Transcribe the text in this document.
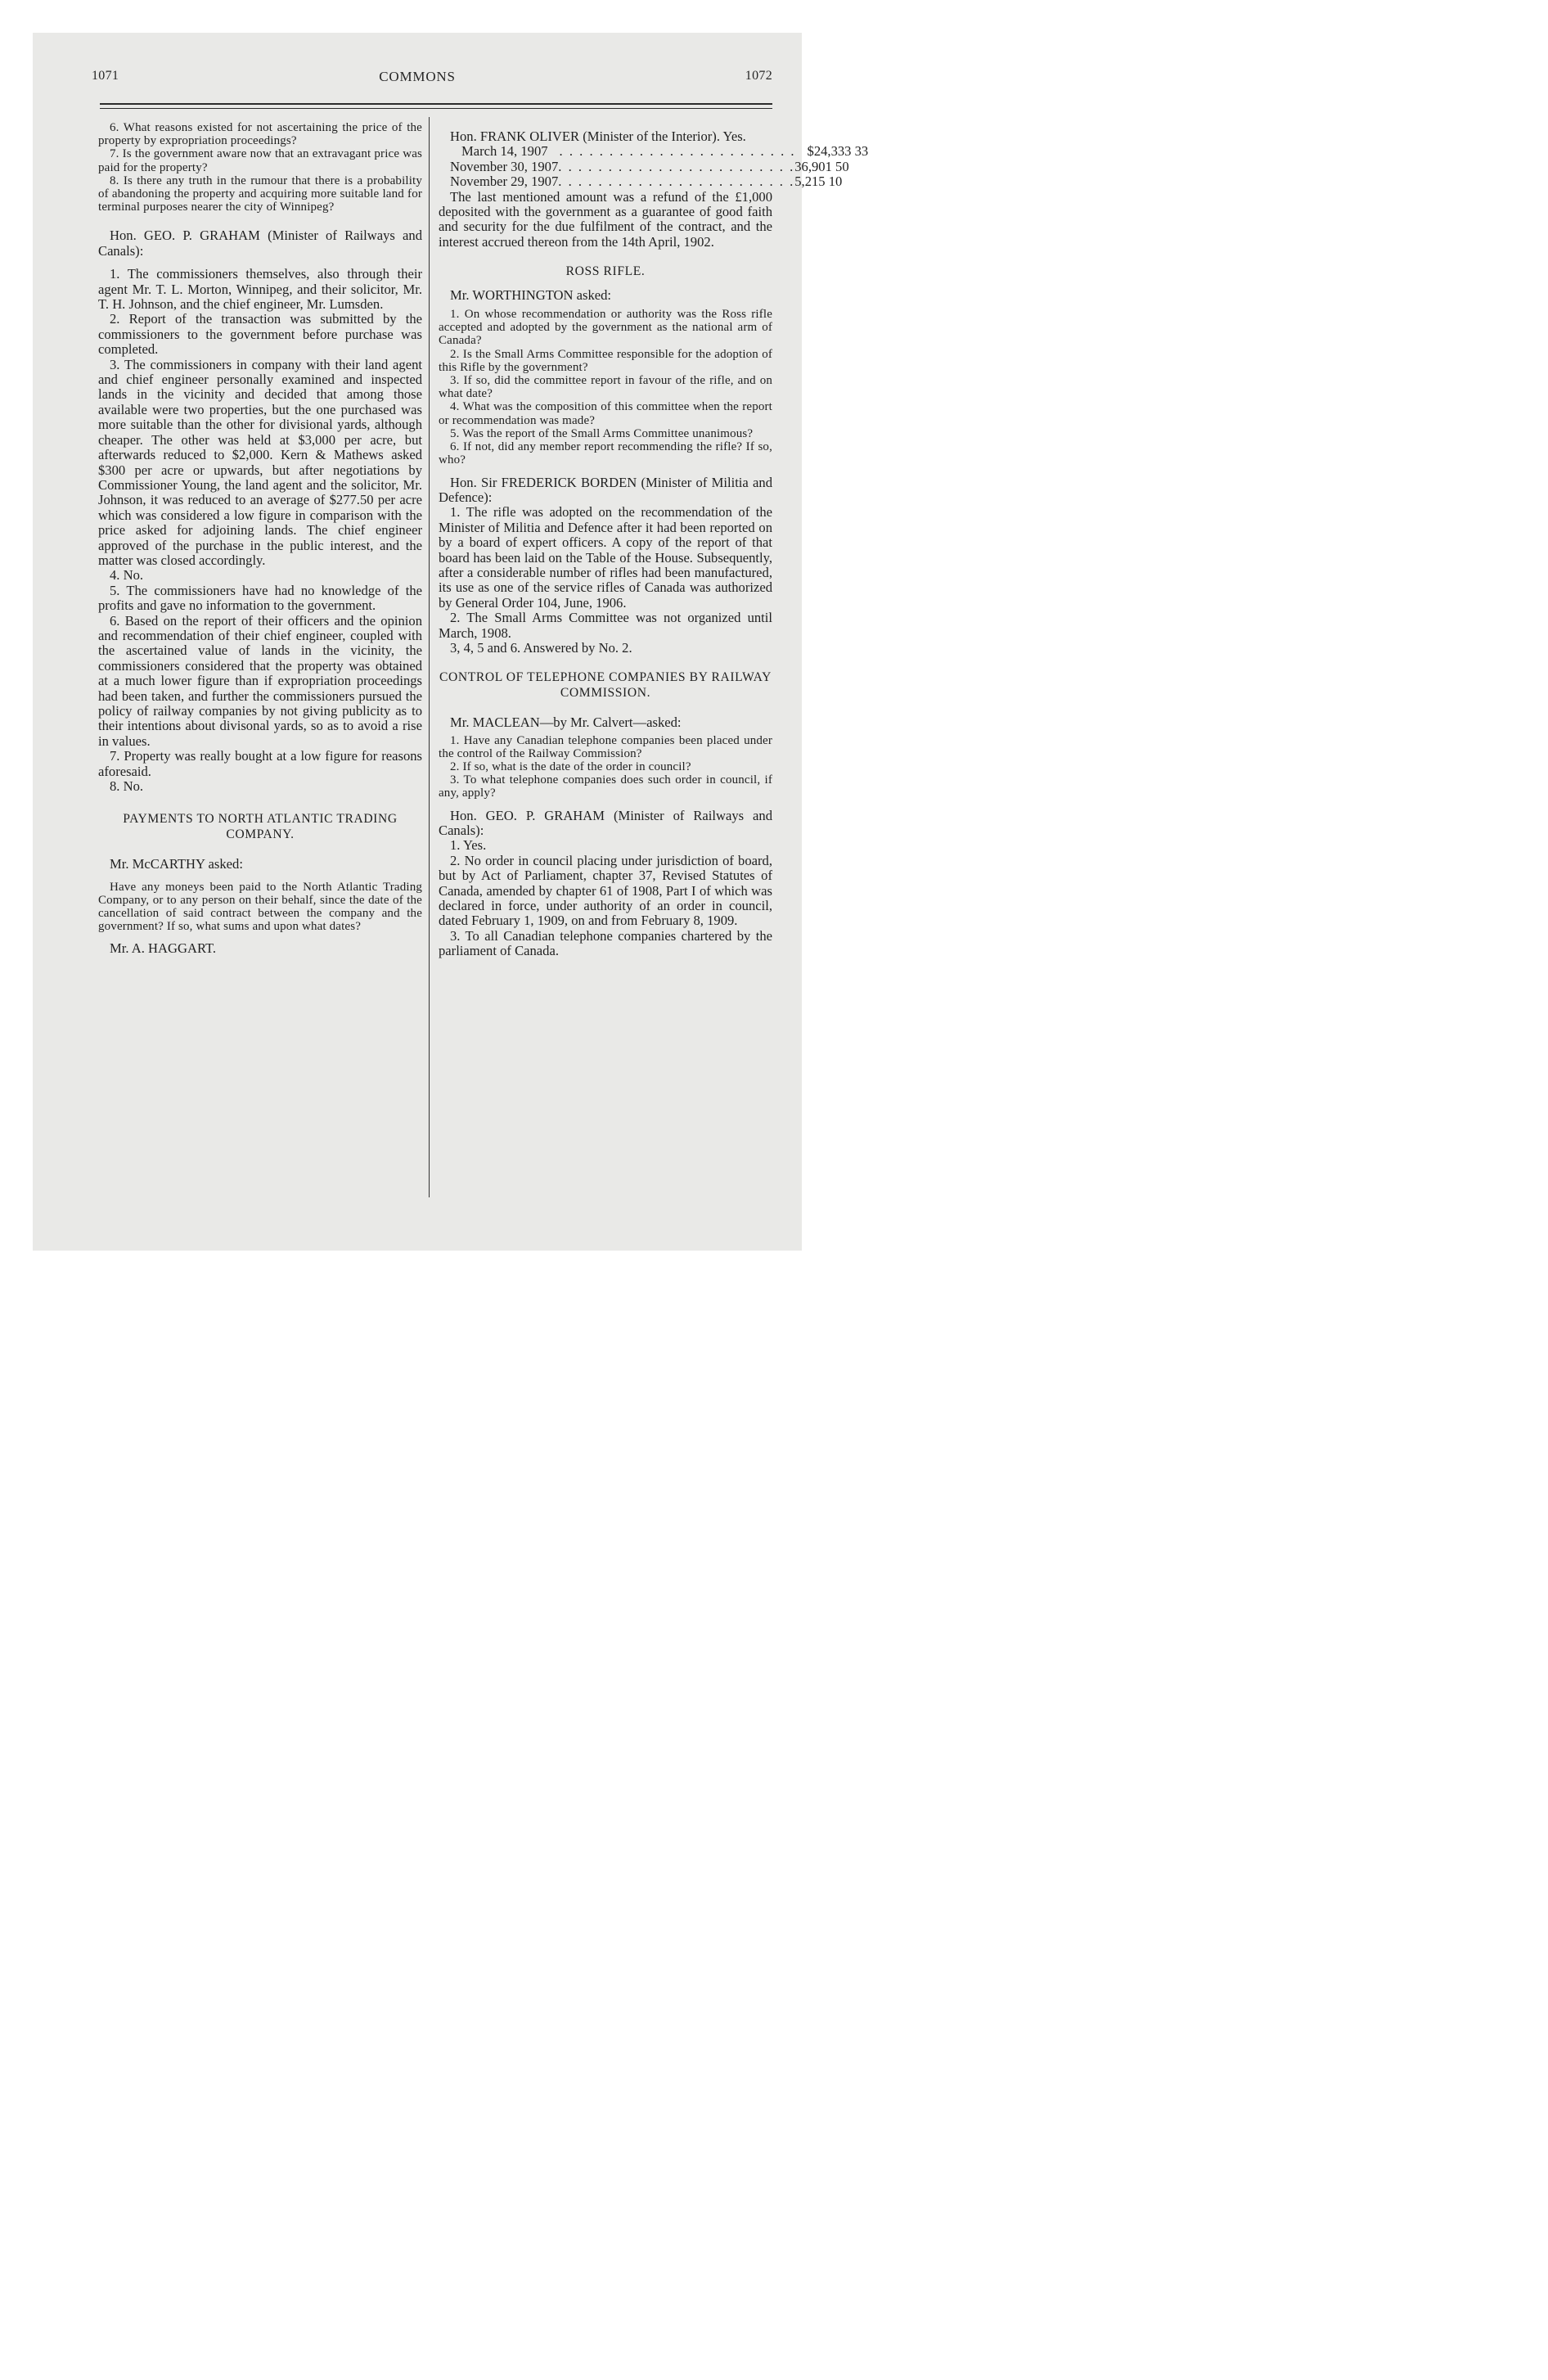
1071	COMMONS	1072

6. What reasons existed for not ascertaining the price of the property by expropriation proceedings?

7. Is the government aware now that an extravagant price was paid for the property?

8. Is there any truth in the rumour that there is a probability of abandoning the property and acquiring more suitable land for terminal purposes nearer the city of Winnipeg?

Hon. GEO. P. GRAHAM (Minister of Railways and Canals):

1. The commissioners themselves, also through their agent Mr. T. L. Morton, Winnipeg, and their solicitor, Mr. T. H. Johnson, and the chief engineer, Mr. Lumsden.

2. Report of the transaction was submitted by the commissioners to the government before purchase was completed.

3. The commissioners in company with their land agent and chief engineer personally examined and inspected lands in the vicinity and decided that among those available were two properties, but the one purchased was more suitable than the other for divisional yards, although cheaper. The other was held at $3,000 per acre, but afterwards reduced to $2,000. Kern & Mathews asked $300 per acre or upwards, but after negotiations by Commissioner Young, the land agent and the solicitor, Mr. Johnson, it was reduced to an average of $277.50 per acre which was considered a low figure in comparison with the price asked for adjoining lands. The chief engineer approved of the purchase in the public interest, and the matter was closed accordingly.

4. No.

5. The commissioners have had no knowledge of the profits and gave no information to the government.

6. Based on the report of their officers and the opinion and recommendation of their chief engineer, coupled with the ascertained value of lands in the vicinity, the commissioners considered that the property was obtained at a much lower figure than if expropriation proceedings had been taken, and further the commissioners pursued the policy of railway companies by not giving publicity as to their intentions about divisonal yards, so as to avoid a rise in values.

7. Property was really bought at a low figure for reasons aforesaid.

8. No.

PAYMENTS TO NORTH ATLANTIC TRADING COMPANY.

Mr. McCARTHY asked:

Have any moneys been paid to the North Atlantic Trading Company, or to any person on their behalf, since the date of the cancellation of said contract between the company and the government? If so, what sums and upon what dates?

Mr. A. HAGGART.

Hon. FRANK OLIVER (Minister of the Interior). Yes.

March 14, 1907 . . . . . . . . . . . . . . . . . . . . . . . . $24,333 33
November 30, 1907 . . . . . . . . . . . . . . . . . . . . . . . . 36,901 50
November 29, 1907 . . . . . . . . . . . . . . . . . . . . . . . . 5,215 10

The last mentioned amount was a refund of the £1,000 deposited with the government as a guarantee of good faith and security for the due fulfilment of the contract, and the interest accrued thereon from the 14th April, 1902.

ROSS RIFLE.

Mr. WORTHINGTON asked:

1. On whose recommendation or authority was the Ross rifle accepted and adopted by the government as the national arm of Canada?

2. Is the Small Arms Committee responsible for the adoption of this Rifle by the government?

3. If so, did the committee report in favour of the rifle, and on what date?

4. What was the composition of this committee when the report or recommendation was made?

5. Was the report of the Small Arms Committee unanimous?

6. If not, did any member report recommending the rifle? If so, who?

Hon. Sir FREDERICK BORDEN (Minister of Militia and Defence):

1. The rifle was adopted on the recommendation of the Minister of Militia and Defence after it had been reported on by a board of expert officers. A copy of the report of that board has been laid on the Table of the House. Subsequently, after a considerable number of rifles had been manufactured, its use as one of the service rifles of Canada was authorized by General Order 104, June, 1906.

2. The Small Arms Committee was not organized until March, 1908.

3, 4, 5 and 6. Answered by No. 2.

CONTROL OF TELEPHONE COMPANIES BY RAILWAY COMMISSION.

Mr. MACLEAN—by Mr. Calvert—asked:

1. Have any Canadian telephone companies been placed under the control of the Railway Commission?

2. If so, what is the date of the order in council?

3. To what telephone companies does such order in council, if any, apply?

Hon. GEO. P. GRAHAM (Minister of Railways and Canals):

1. Yes.

2. No order in council placing under jurisdiction of board, but by Act of Parliament, chapter 37, Revised Statutes of Canada, amended by chapter 61 of 1908, Part I of which was declared in force, under authority of an order in council, dated February 1, 1909, on and from February 8, 1909.

3. To all Canadian telephone companies chartered by the parliament of Canada.
